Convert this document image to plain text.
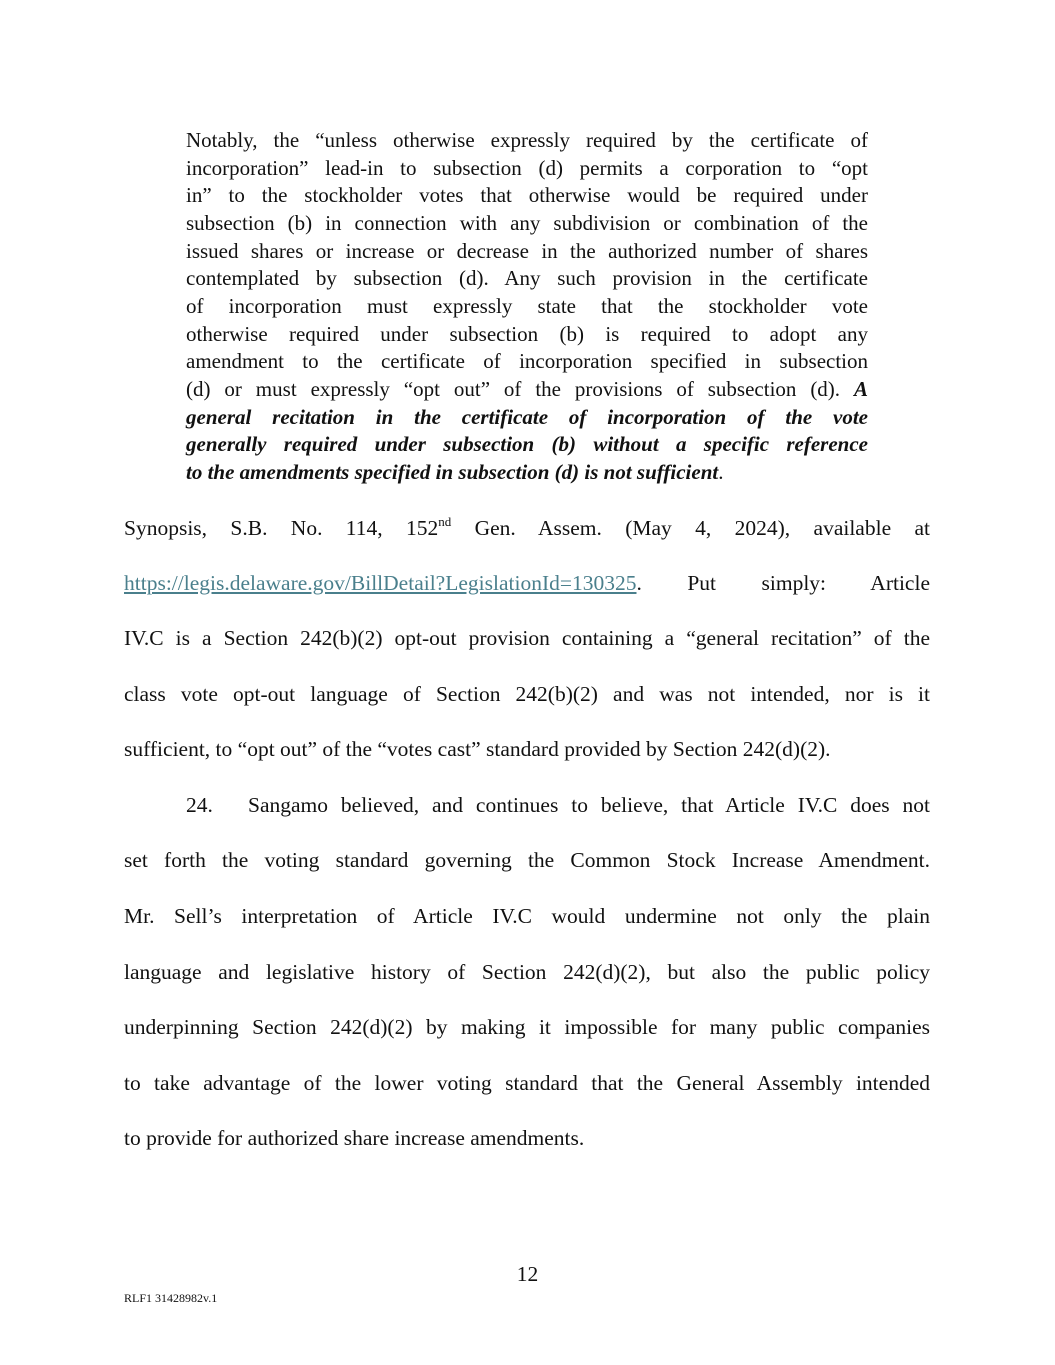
Notably, the “unless otherwise expressly required by the certificate of
incorporation” lead-in to subsection (d) permits a corporation to “opt
in” to the stockholder votes that otherwise would be required under
subsection (b) in connection with any subdivision or combination of the
issued shares or increase or decrease in the authorized number of shares
contemplated by subsection (d). Any such provision in the certificate
of incorporation must expressly state that the stockholder vote
otherwise required under subsection (b) is required to adopt any
amendment to the certificate of incorporation specified in subsection
(d) or must expressly “opt out” of the provisions of subsection (d). A
general recitation in the certificate of incorporation of the vote
generally required under subsection (b) without a specific reference
to the amendments specified in subsection (d) is not sufficient.
Synopsis, S.B. No. 114, 152nd Gen. Assem. (May 4, 2024), available at
https://legis.delaware.gov/BillDetail?LegislationId=130325. Put simply: Article
IV.C is a Section 242(b)(2) opt-out provision containing a “general recitation” of the
class vote opt-out language of Section 242(b)(2) and was not intended, nor is it
sufficient, to “opt out” of the “votes cast” standard provided by Section 242(d)(2).
24. Sangamo believed, and continues to believe, that Article IV.C does not
set forth the voting standard governing the Common Stock Increase Amendment.
Mr. Sell’s interpretation of Article IV.C would undermine not only the plain
language and legislative history of Section 242(d)(2), but also the public policy
underpinning Section 242(d)(2) by making it impossible for many public companies
to take advantage of the lower voting standard that the General Assembly intended
to provide for authorized share increase amendments.
12
RLF1 31428982v.1
